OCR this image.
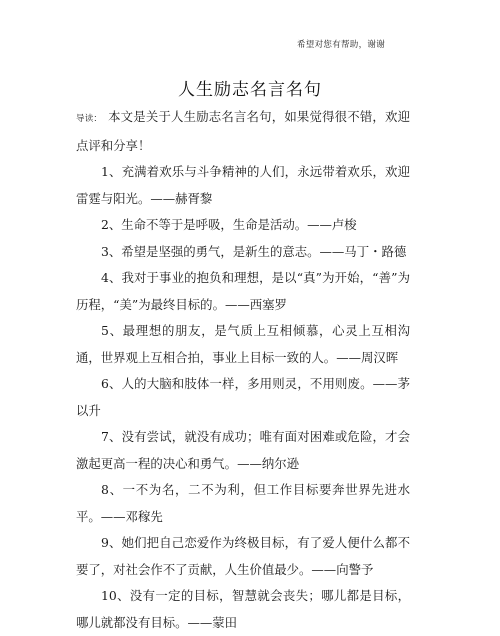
希望对您有帮助，谢谢
人生励志名言名句

导读： 本文是关于人生励志名言名句，如果觉得很不错，欢迎点评和分享！

1、充满着欢乐与斗争精神的人们，永远带着欢乐，欢迎雷霆与阳光。——赫胥黎

2、生命不等于是呼吸，生命是活动。——卢梭

3、希望是坚强的勇气，是新生的意志。——马丁・路德

4、我对于事业的抱负和理想，是以“真”为开始，“善”为历程，“美”为最终目标的。——西塞罗

5、最理想的朋友，是气质上互相倾慕，心灵上互相沟通，世界观上互相合拍，事业上目标一致的人。——周汉晖

6、人的大脑和肢体一样，多用则灵，不用则废。——茅以升

7、没有尝试，就没有成功；唯有面对困难或危险，才会激起更高一程的决心和勇气。——纳尔逊

8、一不为名，二不为利，但工作目标要奔世界先进水平。——邓稼先

9、她们把自己恋爱作为终极目标，有了爱人便什么都不要了，对社会作不了贡献，人生价值最少。——向警予

10、没有一定的目标，智慧就会丧失；哪儿都是目标，哪儿就都没有目标。——蒙田
